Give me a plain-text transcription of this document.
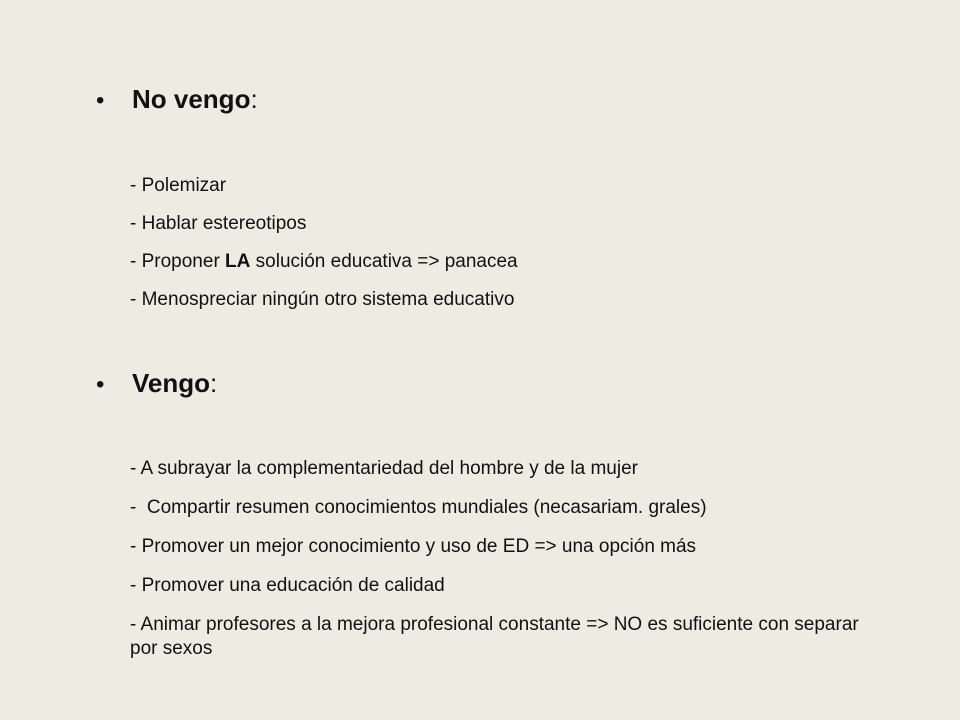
•	No vengo:
- Polemizar
- Hablar estereotipos
- Proponer LA solución educativa => panacea
- Menospreciar ningún otro sistema educativo
•	Vengo:
- A subrayar la complementariedad del hombre y de la mujer
-  Compartir resumen conocimientos mundiales (necasariam. grales)
- Promover un mejor conocimiento y uso de ED => una opción más
- Promover una educación de calidad
- Animar profesores a la mejora profesional constante => NO es suficiente con separar por sexos
